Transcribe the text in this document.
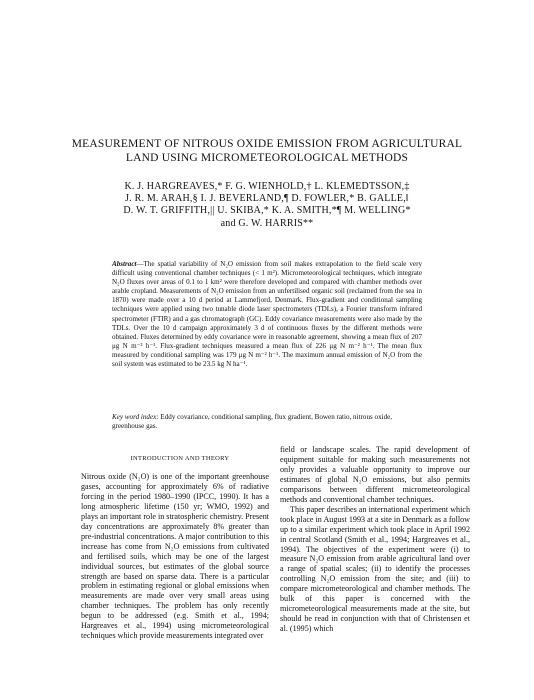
MEASUREMENT OF NITROUS OXIDE EMISSION FROM AGRICULTURAL LAND USING MICROMETEOROLOGICAL METHODS
K. J. HARGREAVES,* F. G. WIENHOLD,† L. KLEMEDTSSON,‡
J. R. M. ARAH,§ I. J. BEVERLAND,¶ D. FOWLER,* B. GALLE,‖
D. W. T. GRIFFITH,|| U. SKIBA,* K. A. SMITH,*¶ M. WELLING*
and G. W. HARRIS**
Abstract—The spatial variability of N₂O emission from soil makes extrapolation to the field scale very difficult using conventional chamber techniques (< 1 m²). Micrometeorological techniques, which integrate N₂O fluxes over areas of 0.1 to 1 km² were therefore developed and compared with chamber methods over arable cropland. Measurements of N₂O emission from an unfertilised organic soil (reclaimed from the sea in 1870) were made over a 10 d period at Lammefjord, Denmark. Flux-gradient and conditional sampling techniques were applied using two tunable diode laser spectrometers (TDLs), a Fourier transform infrared spectrometer (FTIR) and a gas chromatograph (GC). Eddy covariance measurements were also made by the TDLs. Over the 10 d campaign approximately 3 d of continuous fluxes by the different methods were obtained. Fluxes determined by eddy covariance were in reasonable agreement, showing a mean flux of 207 μg N m⁻² h⁻¹. Flux-gradient techniques measured a mean flux of 226 μg N m⁻² h⁻¹. The mean flux measured by conditional sampling was 179 μg N m⁻² h⁻¹. The maximum annual emission of N₂O from the soil system was estimated to be 23.5 kg N ha⁻¹.
Key word index: Eddy covariance, conditional sampling, flux gradient, Bowen ratio, nitrous oxide, greenhouse gas.
INTRODUCTION AND THEORY

Nitrous oxide (N₂O) is one of the important greenhouse gases, accounting for approximately 6% of radiative forcing in the period 1980–1990 (IPCC, 1990). It has a long atmospheric lifetime (150 yr; WMO, 1992) and plays an important role in stratospheric chemistry. Present day concentrations are approximately 8% greater than pre-industrial concentrations. A major contribution to this increase has come from N₂O emissions from cultivated and fertilised soils, which may be one of the largest individual sources, but estimates of the global source strength are based on sparse data. There is a particular problem in estimating regional or global emissions when measurements are made over very small areas using chamber techniques. The problem has only recently begun to be addressed (e.g. Smith et al., 1994; Hargreaves et al., 1994) using micrometeorological techniques which provide measurements integrated over

field or landscape scales. The rapid development of equipment suitable for making such measurements not only provides a valuable opportunity to improve our estimates of global N₂O emissions, but also permits comparisons between different micrometeorological methods and conventional chamber techniques.

This paper describes an international experiment which took place in August 1993 at a site in Denmark as a follow up to a similar experiment which took place in April 1992 in central Scotland (Smith et al., 1994; Hargreaves et al., 1994). The objectives of the experiment were (i) to measure N₂O emission from arable agricultural land over a range of spatial scales; (ii) to identify the processes controlling N₂O emission from the site; and (iii) to compare micrometeorological and chamber methods. The bulk of this paper is concerned with the micrometeorological measurements made at the site, but should be read in conjunction with that of Christensen et al. (1995) which
